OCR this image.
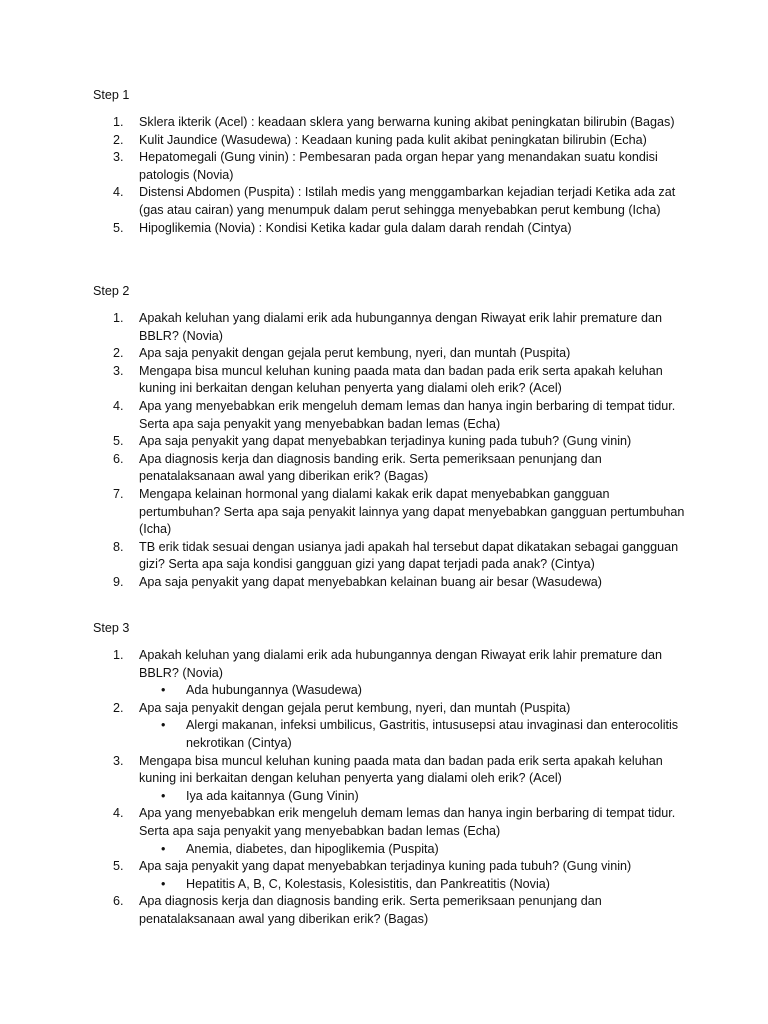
Step 1

1. Sklera ikterik (Acel) : keadaan sklera yang berwarna kuning akibat peningkatan bilirubin (Bagas)
2. Kulit Jaundice (Wasudewa) : Keadaan kuning pada kulit akibat peningkatan bilirubin (Echa)
3. Hepatomegali (Gung vinin) : Pembesaran pada organ hepar yang menandakan suatu kondisi patologis (Novia)
4. Distensi Abdomen (Puspita) : Istilah medis yang menggambarkan kejadian terjadi Ketika ada zat (gas atau cairan) yang menumpuk dalam perut sehingga menyebabkan perut kembung (Icha)
5. Hipoglikemia (Novia) : Kondisi Ketika kadar gula dalam darah rendah (Cintya)

Step 2

1. Apakah keluhan yang dialami erik ada hubungannya dengan Riwayat erik lahir premature dan BBLR? (Novia)
2. Apa saja penyakit dengan gejala perut kembung, nyeri, dan muntah (Puspita)
3. Mengapa bisa muncul keluhan kuning paada mata dan badan pada erik serta apakah keluhan kuning ini berkaitan dengan keluhan penyerta yang dialami oleh erik? (Acel)
4. Apa yang menyebabkan erik mengeluh demam lemas dan hanya ingin berbaring di tempat tidur. Serta apa saja penyakit yang menyebabkan badan lemas (Echa)
5. Apa saja penyakit yang dapat menyebabkan terjadinya kuning pada tubuh? (Gung vinin)
6. Apa diagnosis kerja dan diagnosis banding erik. Serta pemeriksaan penunjang dan penatalaksanaan awal yang diberikan erik? (Bagas)
7. Mengapa kelainan hormonal yang dialami kakak erik dapat menyebabkan gangguan pertumbuhan? Serta apa saja penyakit lainnya yang dapat menyebabkan gangguan pertumbuhan (Icha)
8. TB erik tidak sesuai dengan usianya jadi apakah hal tersebut dapat dikatakan sebagai gangguan gizi? Serta apa saja kondisi gangguan gizi yang dapat terjadi pada anak? (Cintya)
9. Apa saja penyakit yang dapat menyebabkan kelainan buang air besar (Wasudewa)

Step 3

1. Apakah keluhan yang dialami erik ada hubungannya dengan Riwayat erik lahir premature dan BBLR? (Novia)
• Ada hubungannya (Wasudewa)
2. Apa saja penyakit dengan gejala perut kembung, nyeri, dan muntah (Puspita)
• Alergi makanan, infeksi umbilicus, Gastritis, intususepsi atau invaginasi dan enterocolitis nekrotikan (Cintya)
3. Mengapa bisa muncul keluhan kuning paada mata dan badan pada erik serta apakah keluhan kuning ini berkaitan dengan keluhan penyerta yang dialami oleh erik? (Acel)
• Iya ada kaitannya (Gung Vinin)
4. Apa yang menyebabkan erik mengeluh demam lemas dan hanya ingin berbaring di tempat tidur. Serta apa saja penyakit yang menyebabkan badan lemas (Echa)
• Anemia, diabetes, dan hipoglikemia (Puspita)
5. Apa saja penyakit yang dapat menyebabkan terjadinya kuning pada tubuh? (Gung vinin)
• Hepatitis A, B, C, Kolestasis, Kolesistitis, dan Pankreatitis (Novia)
6. Apa diagnosis kerja dan diagnosis banding erik. Serta pemeriksaan penunjang dan penatalaksanaan awal yang diberikan erik? (Bagas)
